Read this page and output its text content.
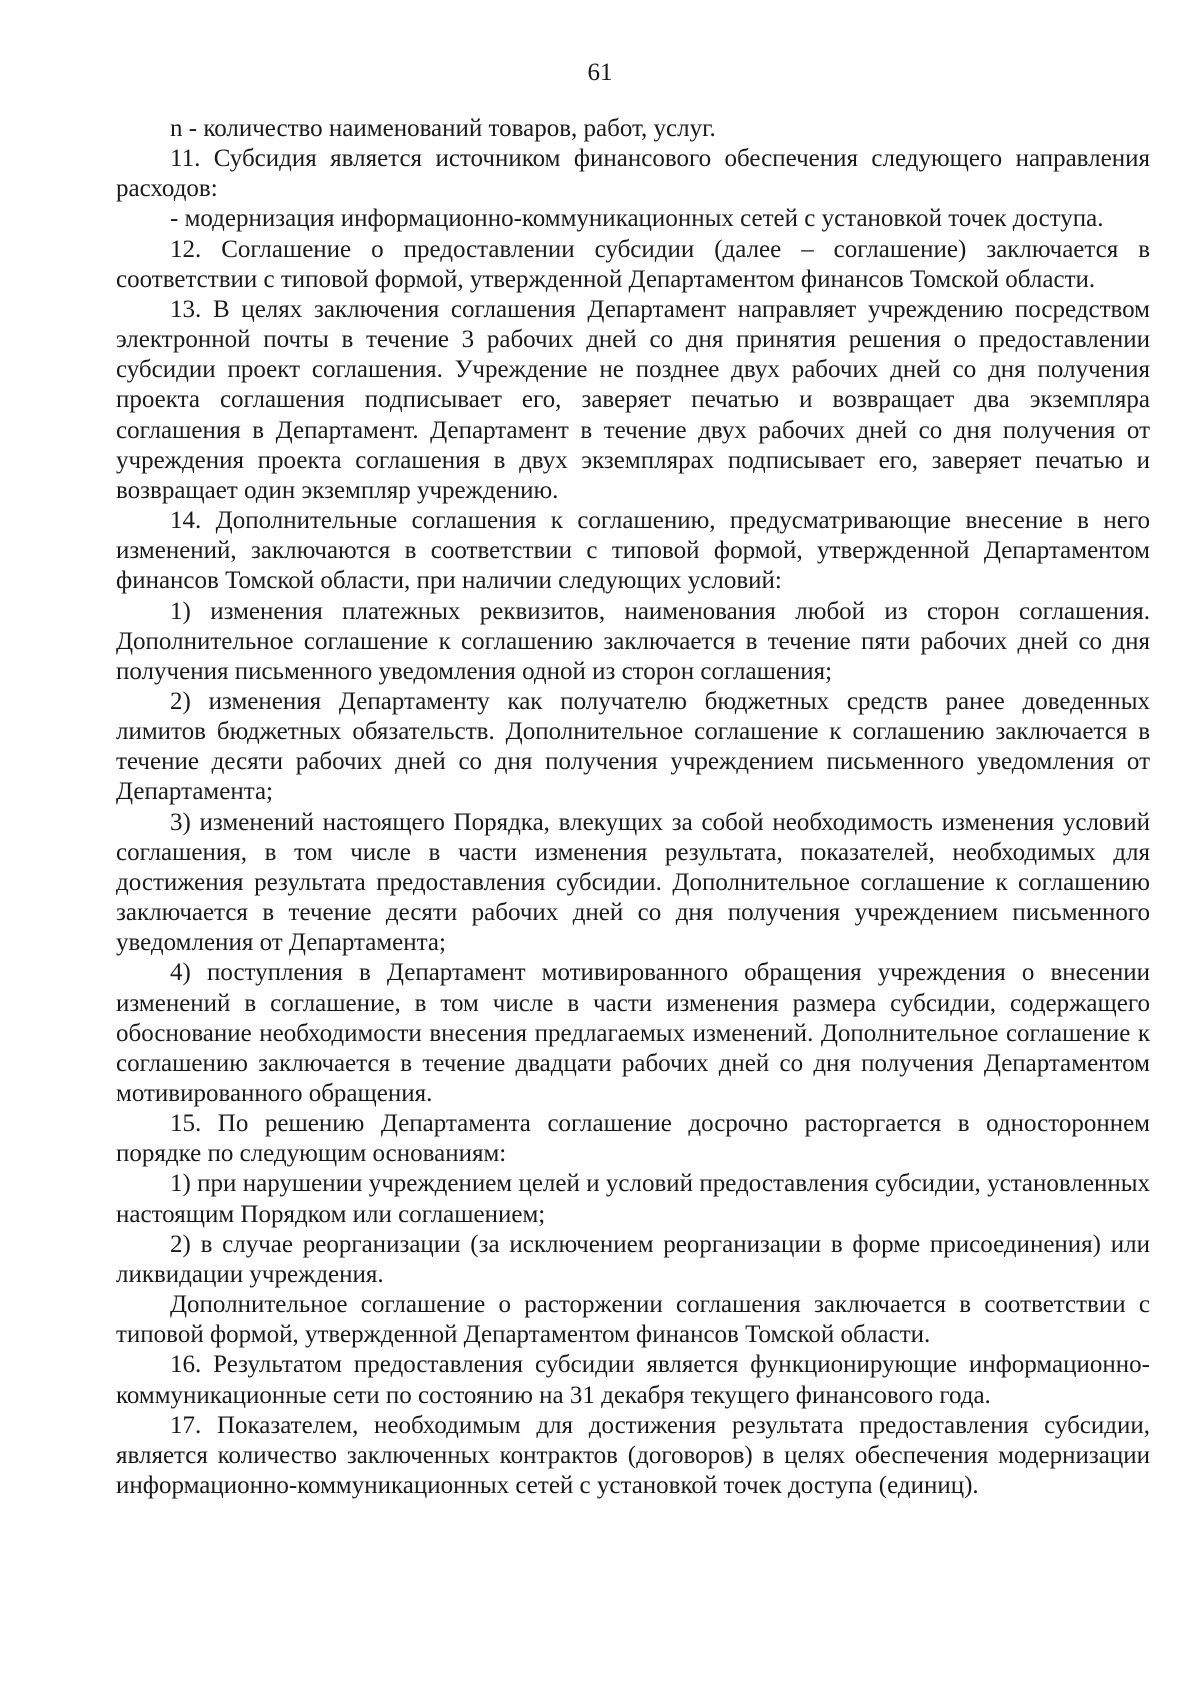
61

n - количество наименований товаров, работ, услуг.

11. Субсидия является источником финансового обеспечения следующего направления расходов:

- модернизация информационно-коммуникационных сетей с установкой точек доступа.

12. Соглашение о предоставлении субсидии (далее – соглашение) заключается в соответствии с типовой формой, утвержденной Департаментом финансов Томской области.

13. В целях заключения соглашения Департамент направляет учреждению посредством электронной почты в течение 3 рабочих дней со дня принятия решения о предоставлении субсидии проект соглашения. Учреждение не позднее двух рабочих дней со дня получения проекта соглашения подписывает его, заверяет печатью и возвращает два экземпляра соглашения в Департамент. Департамент в течение двух рабочих дней со дня получения от учреждения проекта соглашения в двух экземплярах подписывает его, заверяет печатью и возвращает один экземпляр учреждению.

14. Дополнительные соглашения к соглашению, предусматривающие внесение в него изменений, заключаются в соответствии с типовой формой, утвержденной Департаментом финансов Томской области, при наличии следующих условий:

1) изменения платежных реквизитов, наименования любой из сторон соглашения. Дополнительное соглашение к соглашению заключается в течение пяти рабочих дней со дня получения письменного уведомления одной из сторон соглашения;

2) изменения Департаменту как получателю бюджетных средств ранее доведенных лимитов бюджетных обязательств. Дополнительное соглашение к соглашению заключается в течение десяти рабочих дней со дня получения учреждением письменного уведомления от Департамента;

3) изменений настоящего Порядка, влекущих за собой необходимость изменения условий соглашения, в том числе в части изменения результата, показателей, необходимых для достижения результата предоставления субсидии. Дополнительное соглашение к соглашению заключается в течение десяти рабочих дней со дня получения учреждением письменного уведомления от Департамента;

4) поступления в Департамент мотивированного обращения учреждения о внесении изменений в соглашение, в том числе в части изменения размера субсидии, содержащего обоснование необходимости внесения предлагаемых изменений. Дополнительное соглашение к соглашению заключается в течение двадцати рабочих дней со дня получения Департаментом мотивированного обращения.

15. По решению Департамента соглашение досрочно расторгается в одностороннем порядке по следующим основаниям:

1) при нарушении учреждением целей и условий предоставления субсидии, установленных настоящим Порядком или соглашением;

2) в случае реорганизации (за исключением реорганизации в форме присоединения) или ликвидации учреждения.

Дополнительное соглашение о расторжении соглашения заключается в соответствии с типовой формой, утвержденной Департаментом финансов Томской области.

16. Результатом предоставления субсидии является функционирующие информационно-коммуникационные сети по состоянию на 31 декабря текущего финансового года.

17. Показателем, необходимым для достижения результата предоставления субсидии, является количество заключенных контрактов (договоров) в целях обеспечения модернизации информационно-коммуникационных сетей с установкой точек доступа (единиц).
